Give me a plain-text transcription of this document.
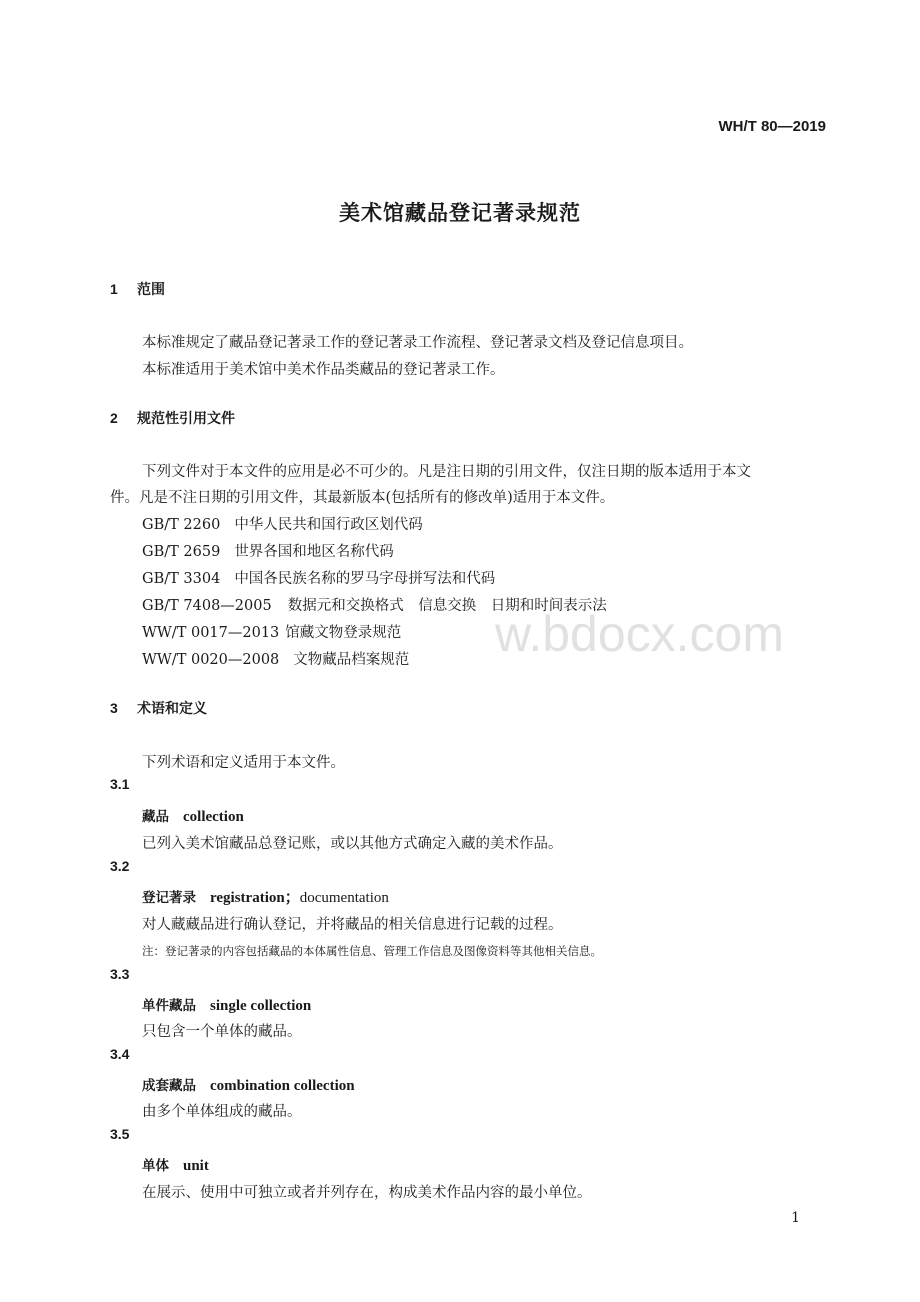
WH/T 80—2019
美术馆藏品登记著录规范
1 范围
本标准规定了藏品登记著录工作的登记著录工作流程、登记著录文档及登记信息项目。
本标准适用于美术馆中美术作品类藏品的登记著录工作。
2 规范性引用文件
下列文件对于本文件的应用是必不可少的。凡是注日期的引用文件，仅注日期的版本适用于本文
件。凡是不注日期的引用文件，其最新版本(包括所有的修改单)适用于本文件。
GB/T 2260 中华人民共和国行政区划代码
GB/T 2659 世界各国和地区名称代码
GB/T 3304 中国各民族名称的罗马字母拼写法和代码
GB/T 7408—2005 数据元和交换格式　信息交换　日期和时间表示法
WW/T 0017—2013 馆藏文物登录规范
WW/T 0020—2008 文物藏品档案规范
3 术语和定义
下列术语和定义适用于本文件。
3.1
藏品 collection
已列入美术馆藏品总登记账，或以其他方式确定入藏的美术作品。
3.2
登记著录 registration；documentation
对人藏藏品进行确认登记，并将藏品的相关信息进行记载的过程。
注：登记著录的内容包括藏品的本体属性信息、管理工作信息及图像资料等其他相关信息。
3.3
单件藏品 single collection
只包含一个单体的藏品。
3.4
成套藏品 combination collection
由多个单体组成的藏品。
3.5
单体 unit
在展示、使用中可独立或者并列存在，构成美术作品内容的最小单位。
1
w.bdocx.com
